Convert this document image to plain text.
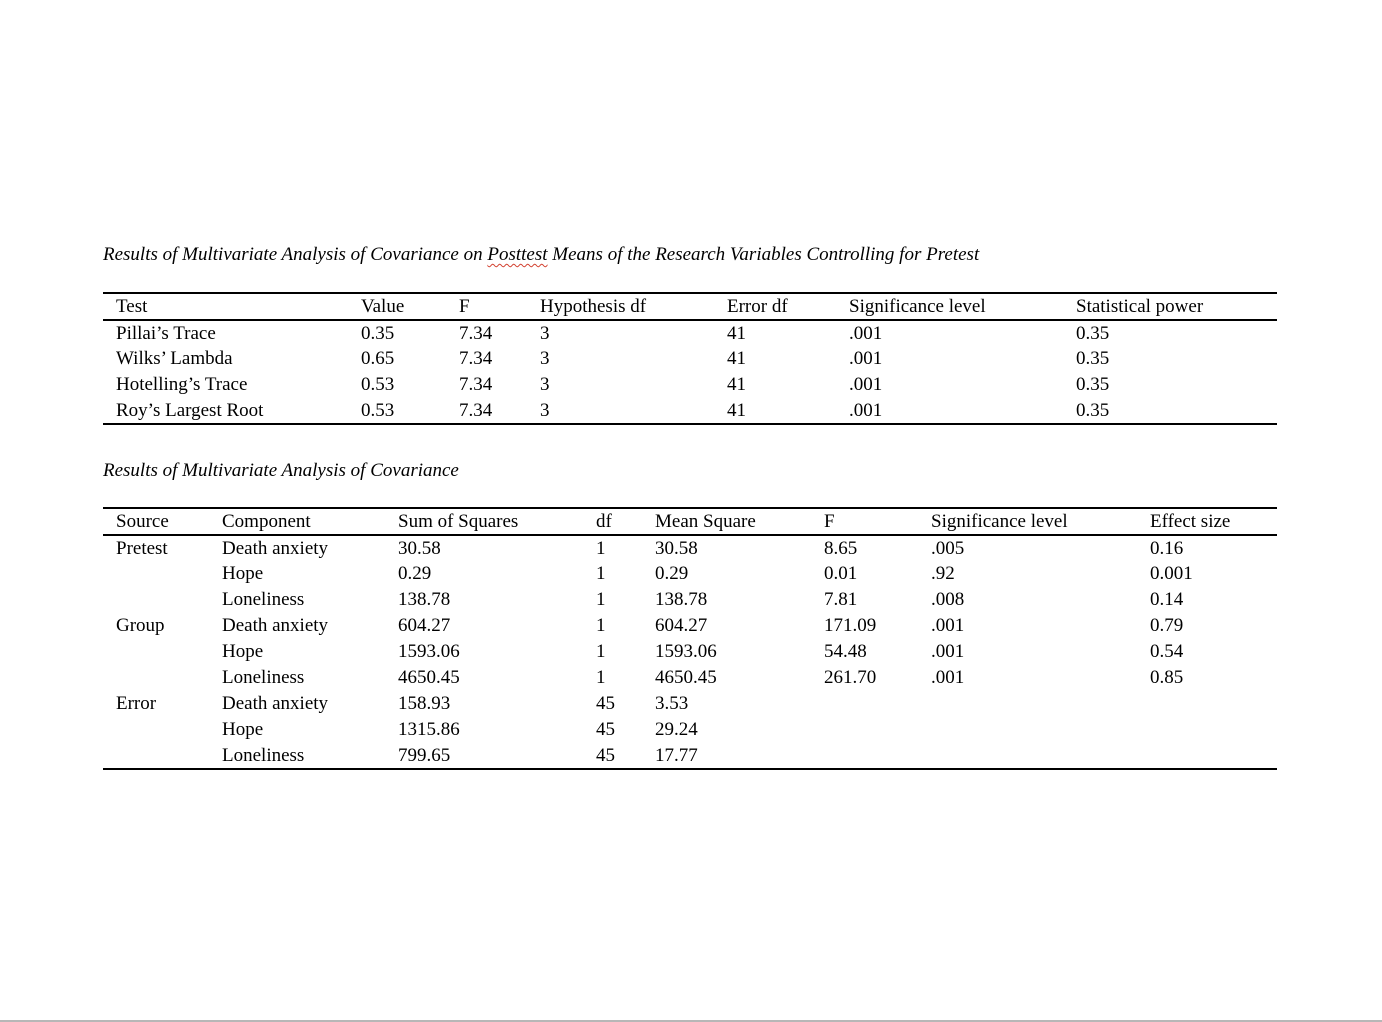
Results of Multivariate Analysis of Covariance on Posttest Means of the Research Variables Controlling for Pretest

Test	Value	F	Hypothesis df	Error df	Significance level	Statistical power
Pillai’s Trace	0.35	7.34	3	41	.001	0.35
Wilks’ Lambda	0.65	7.34	3	41	.001	0.35
Hotelling’s Trace	0.53	7.34	3	41	.001	0.35
Roy’s Largest Root	0.53	7.34	3	41	.001	0.35

Results of Multivariate Analysis of Covariance

Source	Component	Sum of Squares	df	Mean Square	F	Significance level	Effect size
Pretest	Death anxiety	30.58	1	30.58	8.65	.005	0.16
	Hope	0.29	1	0.29	0.01	.92	0.001
	Loneliness	138.78	1	138.78	7.81	.008	0.14
Group	Death anxiety	604.27	1	604.27	171.09	.001	0.79
	Hope	1593.06	1	1593.06	54.48	.001	0.54
	Loneliness	4650.45	1	4650.45	261.70	.001	0.85
Error	Death anxiety	158.93	45	3.53			
	Hope	1315.86	45	29.24			
	Loneliness	799.65	45	17.77			
